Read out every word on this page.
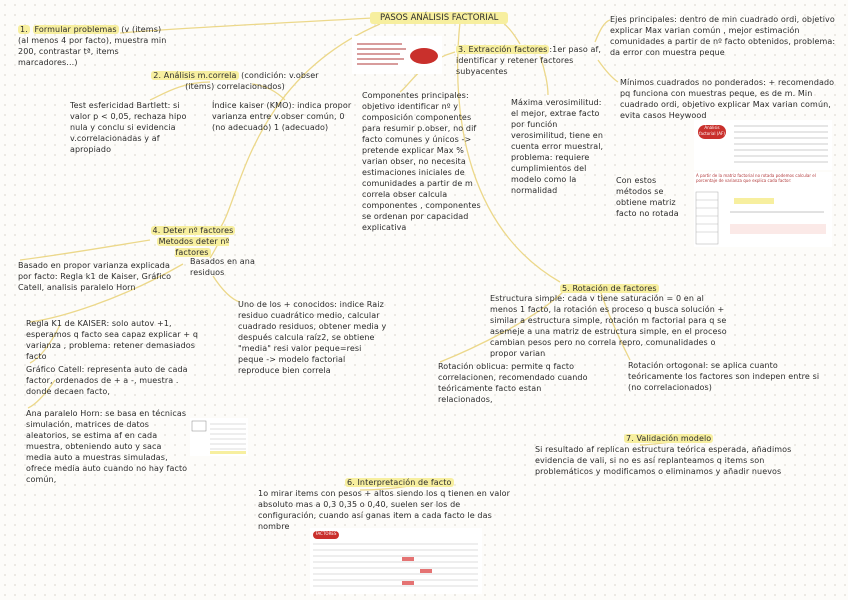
PASOS ANÁLISIS FACTORIAL
1. Formular problemas (v (items)(al menos 4 por facto), muestra min 200, contrastar tª, items marcadores…)
2. Análisis m.correla (condición: v.obser (items) correlacionados)
Test esfericidad Bartlett: si valor p < 0,05, rechaza hipo nula y conclu si evidencia v.correlacionadas y af apropiado
Índice kaiser (KMO): indica propor varianza entre v.obser común, 0 (no adecuado) 1 (adecuado)
3. Extracción factores :1er paso af, identificar y retener factores subyacentes
Componentes principales: objetivo identificar nº y composición componentes para resumir p.obser, no dif facto comunes y únicos -> pretende explicar Max % varian obser, no necesita estimaciones iniciales de comunidades a partir de m correla obser calcula componentes , componentes se ordenan por capacidad explicativa
Máxima verosimilitud: el mejor, extrae facto por función verosimilitud, tiene en cuenta error muestral, problema: requiere cumplimientos del modelo como la normalidad
Ejes principales: dentro de min cuadrado ordi, objetivo explicar Max varian común , mejor estimación comunidades a partir de nº facto obtenidos, problema: da error con muestra peque
Mínimos cuadrados no ponderados: + recomendado pq funciona con muestras peque, es de m. Min cuadrado ordi, objetivo explicar Max varian común, evita casos Heywood
Con estos métodos se obtiene matriz facto no rotada
Análisis factorial (AF)
A partir de la matriz factorial no rotada podemos calcular el porcentaje de varianza que explica cada factor:
4. Deter nº factores
Metodos deter nº factores
Basado en propor varianza explicada por facto: Regla k1 de Kaiser, Gráfico Catell, analisis paralelo Horn
Basados en ana residuos
Regla K1 de KAISER: solo autov +1, esperamos q facto sea capaz explicar + q varianza , problema: retener demasiados facto
Gráfico Catell: representa auto de cada factor, ordenados de + a -, muestra . donde decaen facto,
Ana paralelo Horn: se basa en técnicas simulación, matrices de datos aleatorios, se estima af en cada muestra, obteniendo auto y saca media auto a muestras simuladas, ofrece media auto cuando no hay facto común,
Uno de los + conocidos: indice Raiz residuo cuadrático medio, calcular cuadrado residuos, obtener media y después calcula raíz2, se obtiene "media" resi valor peque=resi peque -> modelo factorial reproduce bien correla
5. Rotación de factores
Estructura simple: cada v tiene saturación = 0 en al menos 1 facto, la rotación es proceso q busca solución + similar a estructura simple, rotación m factorial para q se asemeje a una matriz de estructura simple, en el proceso cambian pesos pero no correla repro, comunalidades o propor varian
Rotación oblicua: permite q facto correlacionen, recomendado cuando teóricamente facto estan relacionados,
Rotación ortogonal: se aplica cuanto teóricamente los factores son indepen entre si (no correlacionados)
7. Validación modelo
Si resultado af replican estructura teórica esperada, añadimos evidencia de vali, si no es así replanteamos q items son problemáticos y modificamos o eliminamos y añadir nuevos
6. Interpretación de facto
1o mirar items con pesos + altos siendo los q tienen en valor absoluto mas a 0,3 0,35 o 0,40, suelen ser los de configuración, cuando así ganas item a cada facto le das nombre
FACTORES
